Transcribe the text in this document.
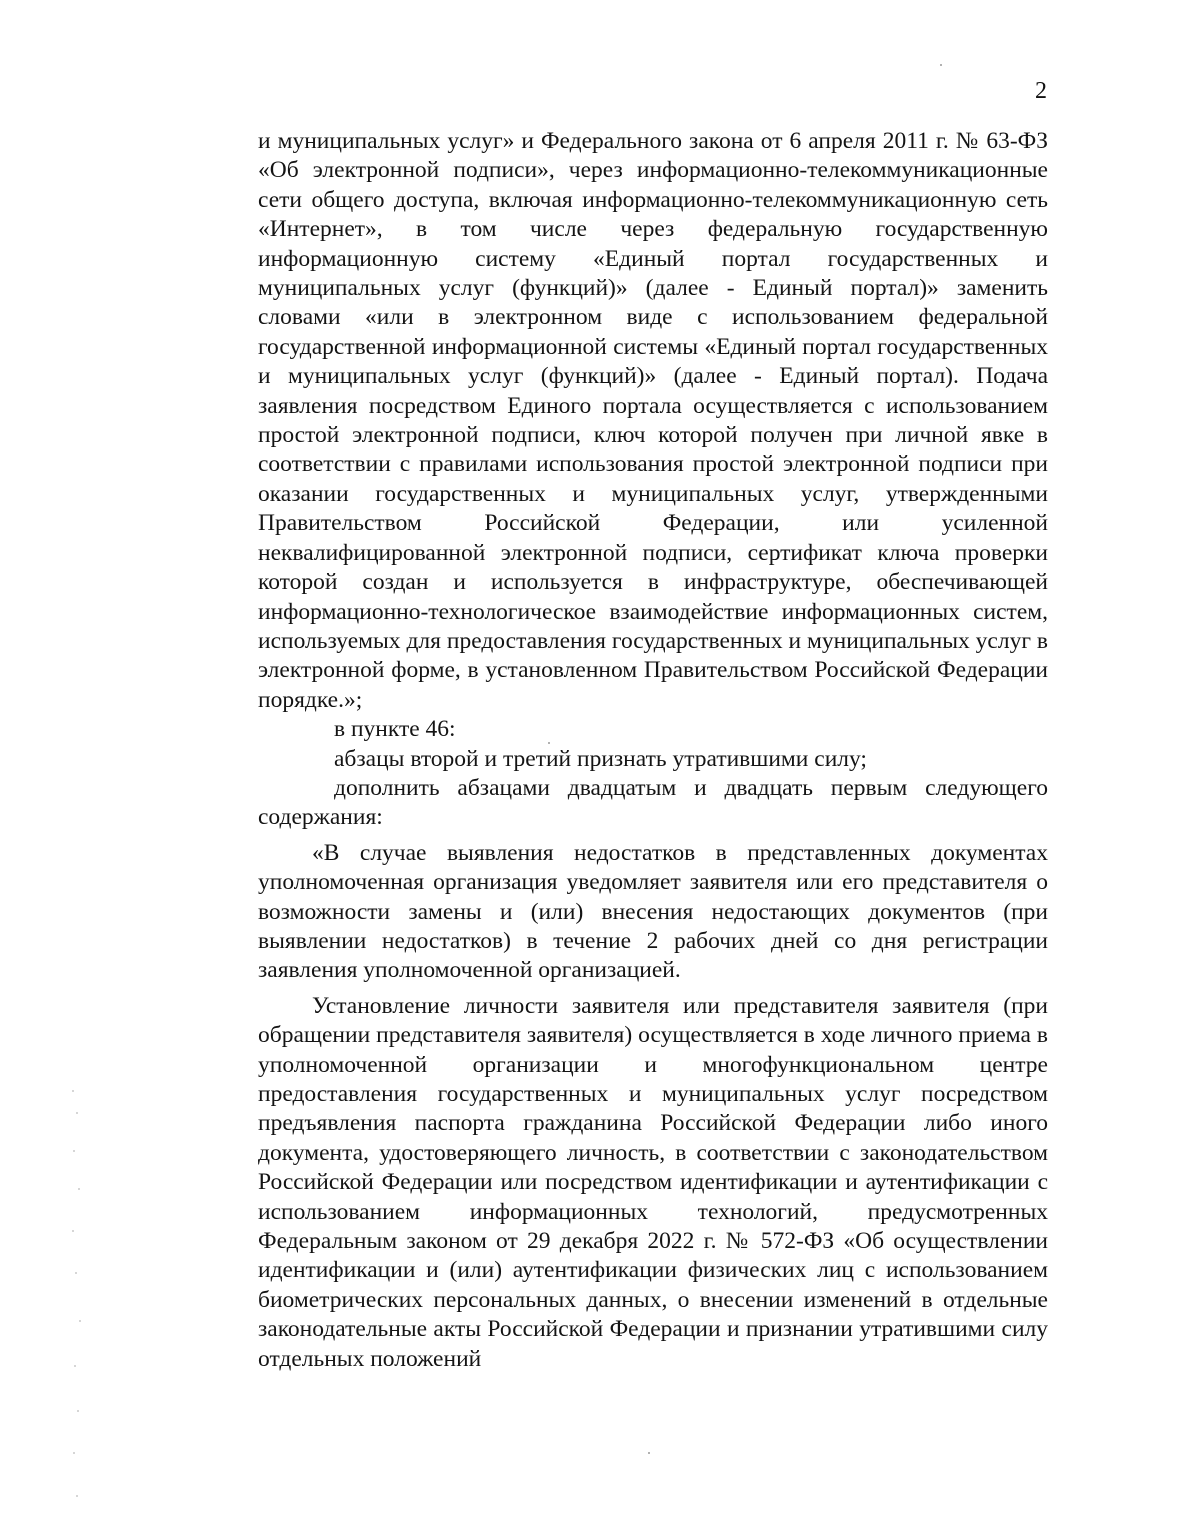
2

и муниципальных услуг» и Федерального закона от 6 апреля 2011 г. № 63-ФЗ «Об электронной подписи», через информационно-телекоммуникационные сети общего доступа, включая информационно-телекоммуникационную сеть «Интернет», в том числе через федеральную государственную информационную систему «Единый портал государственных и муниципальных услуг (функций)» (далее - Единый портал)» заменить словами «или в электронном виде с использованием федеральной государственной информационной системы «Единый портал государственных и муниципальных услуг (функций)» (далее - Единый портал). Подача заявления посредством Единого портала осуществляется с использованием простой электронной подписи, ключ которой получен при личной явке в соответствии с правилами использования простой электронной подписи при оказании государственных и муниципальных услуг, утвержденными Правительством Российской Федерации, или усиленной неквалифицированной электронной подписи, сертификат ключа проверки которой создан и используется в инфраструктуре, обеспечивающей информационно-технологическое взаимодействие информационных систем, используемых для предоставления государственных и муниципальных услуг в электронной форме, в установленном Правительством Российской Федерации порядке.»;

в пункте 46:

абзацы второй и третий признать утратившими силу;

дополнить абзацами двадцатым и двадцать первым следующего содержания:

«В случае выявления недостатков в представленных документах уполномоченная организация уведомляет заявителя или его представителя о возможности замены и (или) внесения недостающих документов (при выявлении недостатков) в течение 2 рабочих дней со дня регистрации заявления уполномоченной организацией.

Установление личности заявителя или представителя заявителя (при обращении представителя заявителя) осуществляется в ходе личного приема в уполномоченной организации и многофункциональном центре предоставления государственных и муниципальных услуг посредством предъявления паспорта гражданина Российской Федерации либо иного документа, удостоверяющего личность, в соответствии с законодательством Российской Федерации или посредством идентификации и аутентификации с использованием информационных технологий, предусмотренных Федеральным законом от 29 декабря 2022 г. № 572-ФЗ «Об осуществлении идентификации и (или) аутентификации физических лиц с использованием биометрических персональных данных, о внесении изменений в отдельные законодательные акты Российской Федерации и признании утратившими силу отдельных положений
